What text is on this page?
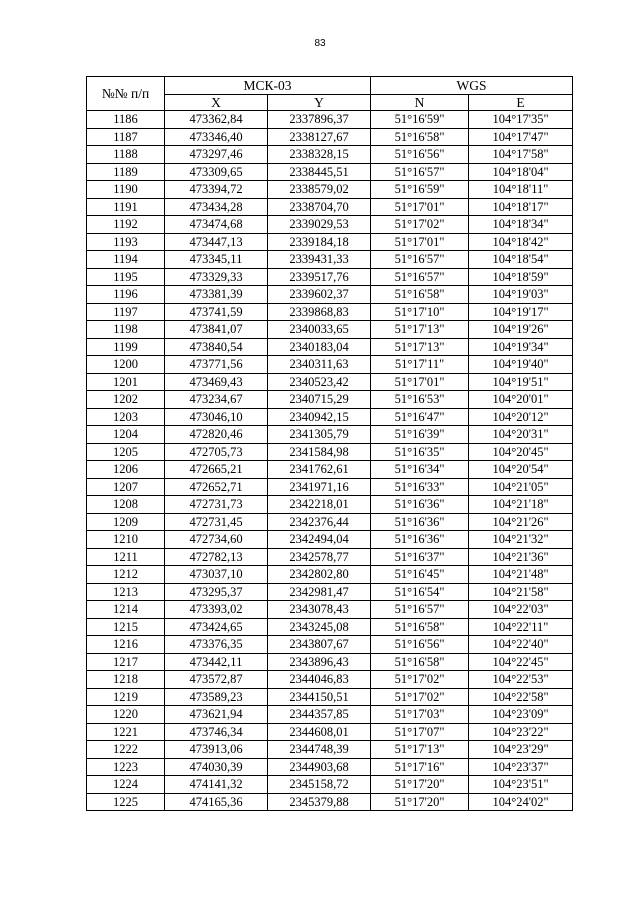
83
№№ п/п	МСК-03		WGS	
	X	Y	N	E
1186	473362,84	2337896,37	51°16'59"	104°17'35"
1187	473346,40	2338127,67	51°16'58"	104°17'47"
1188	473297,46	2338328,15	51°16'56"	104°17'58"
1189	473309,65	2338445,51	51°16'57"	104°18'04"
1190	473394,72	2338579,02	51°16'59"	104°18'11"
1191	473434,28	2338704,70	51°17'01"	104°18'17"
1192	473474,68	2339029,53	51°17'02"	104°18'34"
1193	473447,13	2339184,18	51°17'01"	104°18'42"
1194	473345,11	2339431,33	51°16'57"	104°18'54"
1195	473329,33	2339517,76	51°16'57"	104°18'59"
1196	473381,39	2339602,37	51°16'58"	104°19'03"
1197	473741,59	2339868,83	51°17'10"	104°19'17"
1198	473841,07	2340033,65	51°17'13"	104°19'26"
1199	473840,54	2340183,04	51°17'13"	104°19'34"
1200	473771,56	2340311,63	51°17'11"	104°19'40"
1201	473469,43	2340523,42	51°17'01"	104°19'51"
1202	473234,67	2340715,29	51°16'53"	104°20'01"
1203	473046,10	2340942,15	51°16'47"	104°20'12"
1204	472820,46	2341305,79	51°16'39"	104°20'31"
1205	472705,73	2341584,98	51°16'35"	104°20'45"
1206	472665,21	2341762,61	51°16'34"	104°20'54"
1207	472652,71	2341971,16	51°16'33"	104°21'05"
1208	472731,73	2342218,01	51°16'36"	104°21'18"
1209	472731,45	2342376,44	51°16'36"	104°21'26"
1210	472734,60	2342494,04	51°16'36"	104°21'32"
1211	472782,13	2342578,77	51°16'37"	104°21'36"
1212	473037,10	2342802,80	51°16'45"	104°21'48"
1213	473295,37	2342981,47	51°16'54"	104°21'58"
1214	473393,02	2343078,43	51°16'57"	104°22'03"
1215	473424,65	2343245,08	51°16'58"	104°22'11"
1216	473376,35	2343807,67	51°16'56"	104°22'40"
1217	473442,11	2343896,43	51°16'58"	104°22'45"
1218	473572,87	2344046,83	51°17'02"	104°22'53"
1219	473589,23	2344150,51	51°17'02"	104°22'58"
1220	473621,94	2344357,85	51°17'03"	104°23'09"
1221	473746,34	2344608,01	51°17'07"	104°23'22"
1222	473913,06	2344748,39	51°17'13"	104°23'29"
1223	474030,39	2344903,68	51°17'16"	104°23'37"
1224	474141,32	2345158,72	51°17'20"	104°23'51"
1225	474165,36	2345379,88	51°17'20"	104°24'02"
